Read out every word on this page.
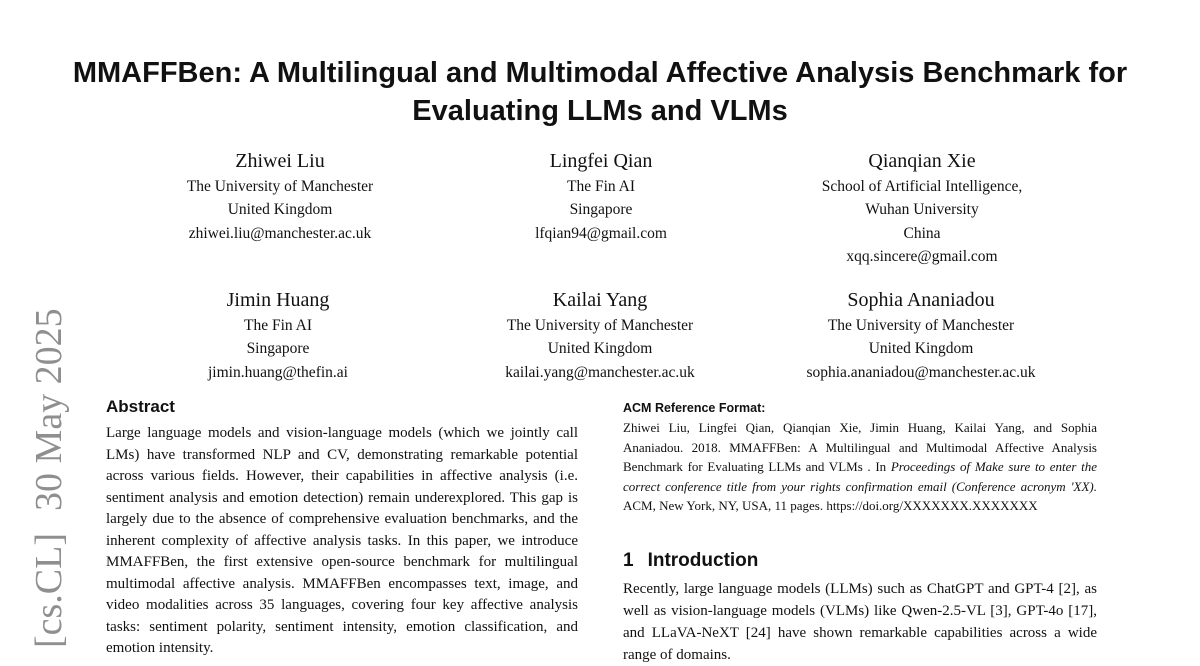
[cs.CL]30 May 2025
MMAFFBen: A Multilingual and Multimodal Affective Analysis Benchmark for Evaluating LLMs and VLMs
Zhiwei Liu
The University of Manchester
United Kingdom
zhiwei.liu@manchester.ac.uk
Lingfei Qian
The Fin AI
Singapore
lfqian94@gmail.com
Qianqian Xie
School of Artificial Intelligence,
Wuhan University
China
xqq.sincere@gmail.com
Jimin Huang
The Fin AI
Singapore
jimin.huang@thefin.ai
Kailai Yang
The University of Manchester
United Kingdom
kailai.yang@manchester.ac.uk
Sophia Ananiadou
The University of Manchester
United Kingdom
sophia.ananiadou@manchester.ac.uk
Abstract

Large language models and vision-language models (which we jointly call LMs) have transformed NLP and CV, demonstrating remarkable potential across various fields. However, their capabilities in affective analysis (i.e. sentiment analysis and emotion detection) remain underexplored. This gap is largely due to the absence of comprehensive evaluation benchmarks, and the inherent complexity of affective analysis tasks. In this paper, we introduce MMAFFBen, the first extensive open-source benchmark for multilingual multimodal affective analysis. MMAFFBen encompasses text, image, and video modalities across 35 languages, covering four key affective analysis tasks: sentiment polarity, sentiment intensity, emotion classification, and emotion intensity.

ACM Reference Format:

Zhiwei Liu, Lingfei Qian, Qianqian Xie, Jimin Huang, Kailai Yang, and Sophia Ananiadou. 2018. MMAFFBen: A Multilingual and Multimodal Affective Analysis Benchmark for Evaluating LLMs and VLMs . In Proceedings of Make sure to enter the correct conference title from your rights confirmation email (Conference acronym 'XX). ACM, New York, NY, USA, 11 pages. https://doi.org/XXXXXXX.XXXXXXX

1 Introduction

Recently, large language models (LLMs) such as ChatGPT and GPT-4 [2], as well as vision-language models (VLMs) like Qwen-2.5-VL [3], GPT-4o [17], and LLaVA-NeXT [24] have shown remarkable capabilities across a wide range of domains.
